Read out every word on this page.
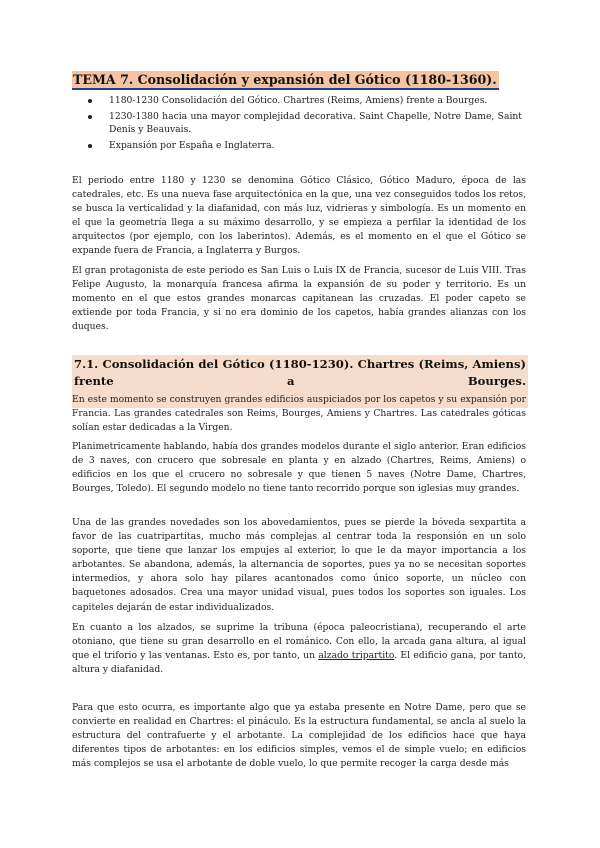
TEMA 7. Consolidación y expansión del Gótico (1180-1360).
1180-1230 Consolidación del Gótico. Chartres (Reims, Amiens) frente a Bourges.
1230-1380 hacia una mayor complejidad decorativa. Saint Chapelle, Notre Dame, Saint Denis y Beauvais.
Expansión por España e Inglaterra.

El periodo entre 1180 y 1230 se denomina Gótico Clásico, Gótico Maduro, época de las catedrales, etc. Es una nueva fase arquitectónica en la que, una vez conseguidos todos los retos, se busca la verticalidad y la diafanidad, con más luz, vidrieras y simbología. Es un momento en el que la geometría llega a su máximo desarrollo, y se empieza a perfilar la identidad de los arquitectos (por ejemplo, con los laberintos). Además, es el momento en el que el Gótico se expande fuera de Francia, a Inglaterra y Burgos.

El gran protagonista de este periodo es San Luis o Luis IX de Francia, sucesor de Luis VIII. Tras Felipe Augusto, la monarquía francesa afirma la expansión de su poder y territorio. Es un momento en el que estos grandes monarcas capitanean las cruzadas. El poder capeto se extiende por toda Francia, y si no era dominio de los capetos, había grandes alianzas con los duques.

7.1. Consolidación del Gótico (1180-1230). Chartres (Reims, Amiens) frente a Bourges.

En este momento se construyen grandes edificios auspiciados por los capetos y su expansión por Francia. Las grandes catedrales son Reims, Bourges, Amiens y Chartres. Las catedrales góticas solían estar dedicadas a la Virgen.

Planimetricamente hablando, había dos grandes modelos durante el siglo anterior. Eran edificios de 3 naves, con crucero que sobresale en planta y en alzado (Chartres, Reims, Amiens) o edificios en los que el crucero no sobresale y que tienen 5 naves (Notre Dame, Chartres, Bourges, Toledo). El segundo modelo no tiene tanto recorrido porque son iglesias muy grandes.

Una de las grandes novedades son los abovedamientos, pues se pierde la bóveda sexpartita a favor de las cuatripartitas, mucho más complejas al centrar toda la responsión en un solo soporte, que tiene que lanzar los empujes al exterior, lo que le da mayor importancia a los arbotantes. Se abandona, además, la alternancia de soportes, pues ya no se necesitan soportes intermedios, y ahora solo hay pilares acantonados como único soporte, un núcleo con baquetones adosados. Crea una mayor unidad visual, pues todos los soportes son iguales. Los capiteles dejarán de estar individualizados.

En cuanto a los alzados, se suprime la tribuna (época paleocristiana), recuperando el arte otoniano, que tiene su gran desarrollo en el románico. Con ello, la arcada gana altura, al igual que el triforio y las ventanas. Esto es, por tanto, un alzado tripartito. El edificio gana, por tanto, altura y diafanidad.

Para que esto ocurra, es importante algo que ya estaba presente en Notre Dame, pero que se convierte en realidad en Chartres: el pináculo. Es la estructura fundamental, se ancla al suelo la estructura del contrafuerte y el arbotante. La complejidad de los edificios hace que haya diferentes tipos de arbotantes: en los edificios simples, vemos el de simple vuelo; en edificios más complejos se usa el arbotante de doble vuelo, lo que permite recoger la carga desde más
